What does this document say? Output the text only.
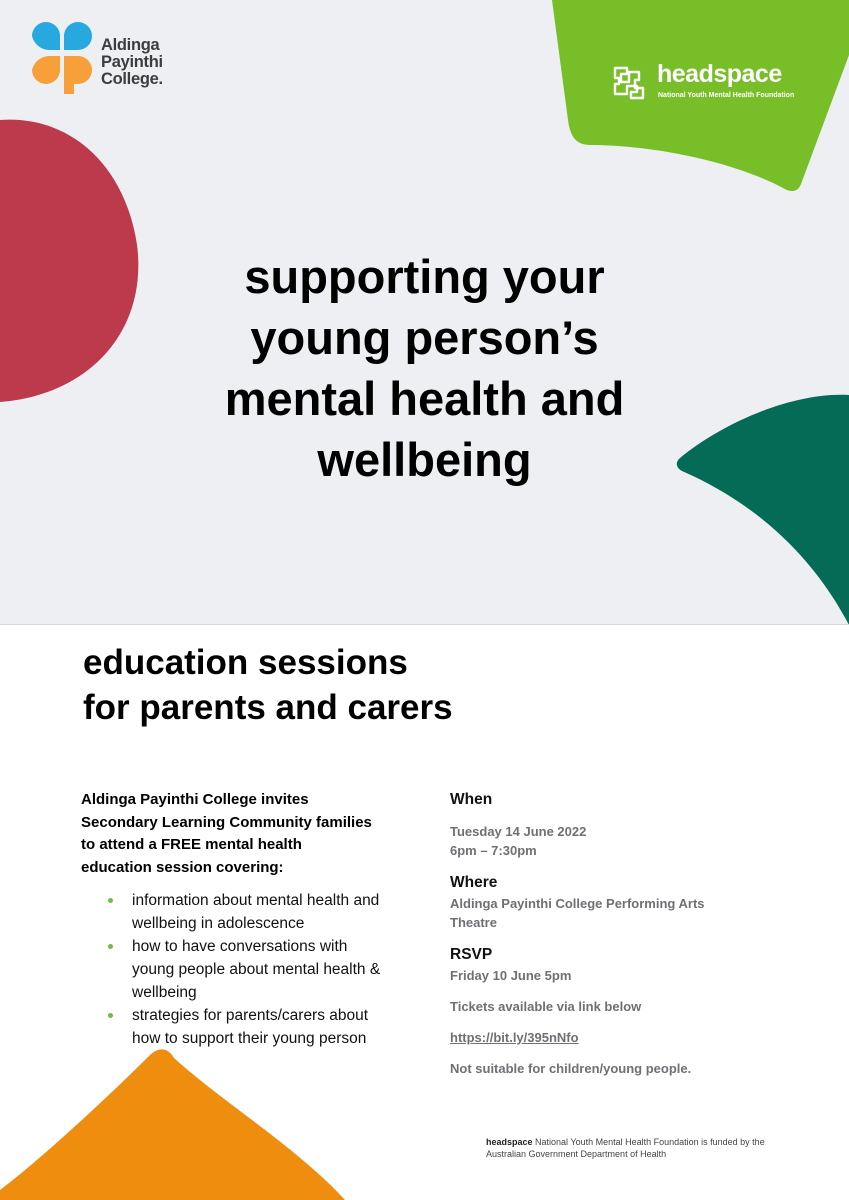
Aldinga
Payinthi
College.	headspace
National Youth Mental Health Foundation
supporting your
young person’s
mental health and
wellbeing
education sessions
for parents and carers

Aldinga Payinthi College invites
Secondary Learning Community families
to attend a FREE mental health
education session covering:

information about mental health and
wellbeing in adolescence
how to have conversations with
young people about mental health &
wellbeing
strategies for parents/carers about
how to support their young person

When

Tuesday 14 June 2022
6pm – 7:30pm

Where

Aldinga Payinthi College Performing Arts
Theatre

RSVP

Friday 10 June 5pm

Tickets available via link below

https://bit.ly/395nNfo

Not suitable for children/young people.

headspace National Youth Mental Health Foundation is funded by the Australian Government Department of Health
